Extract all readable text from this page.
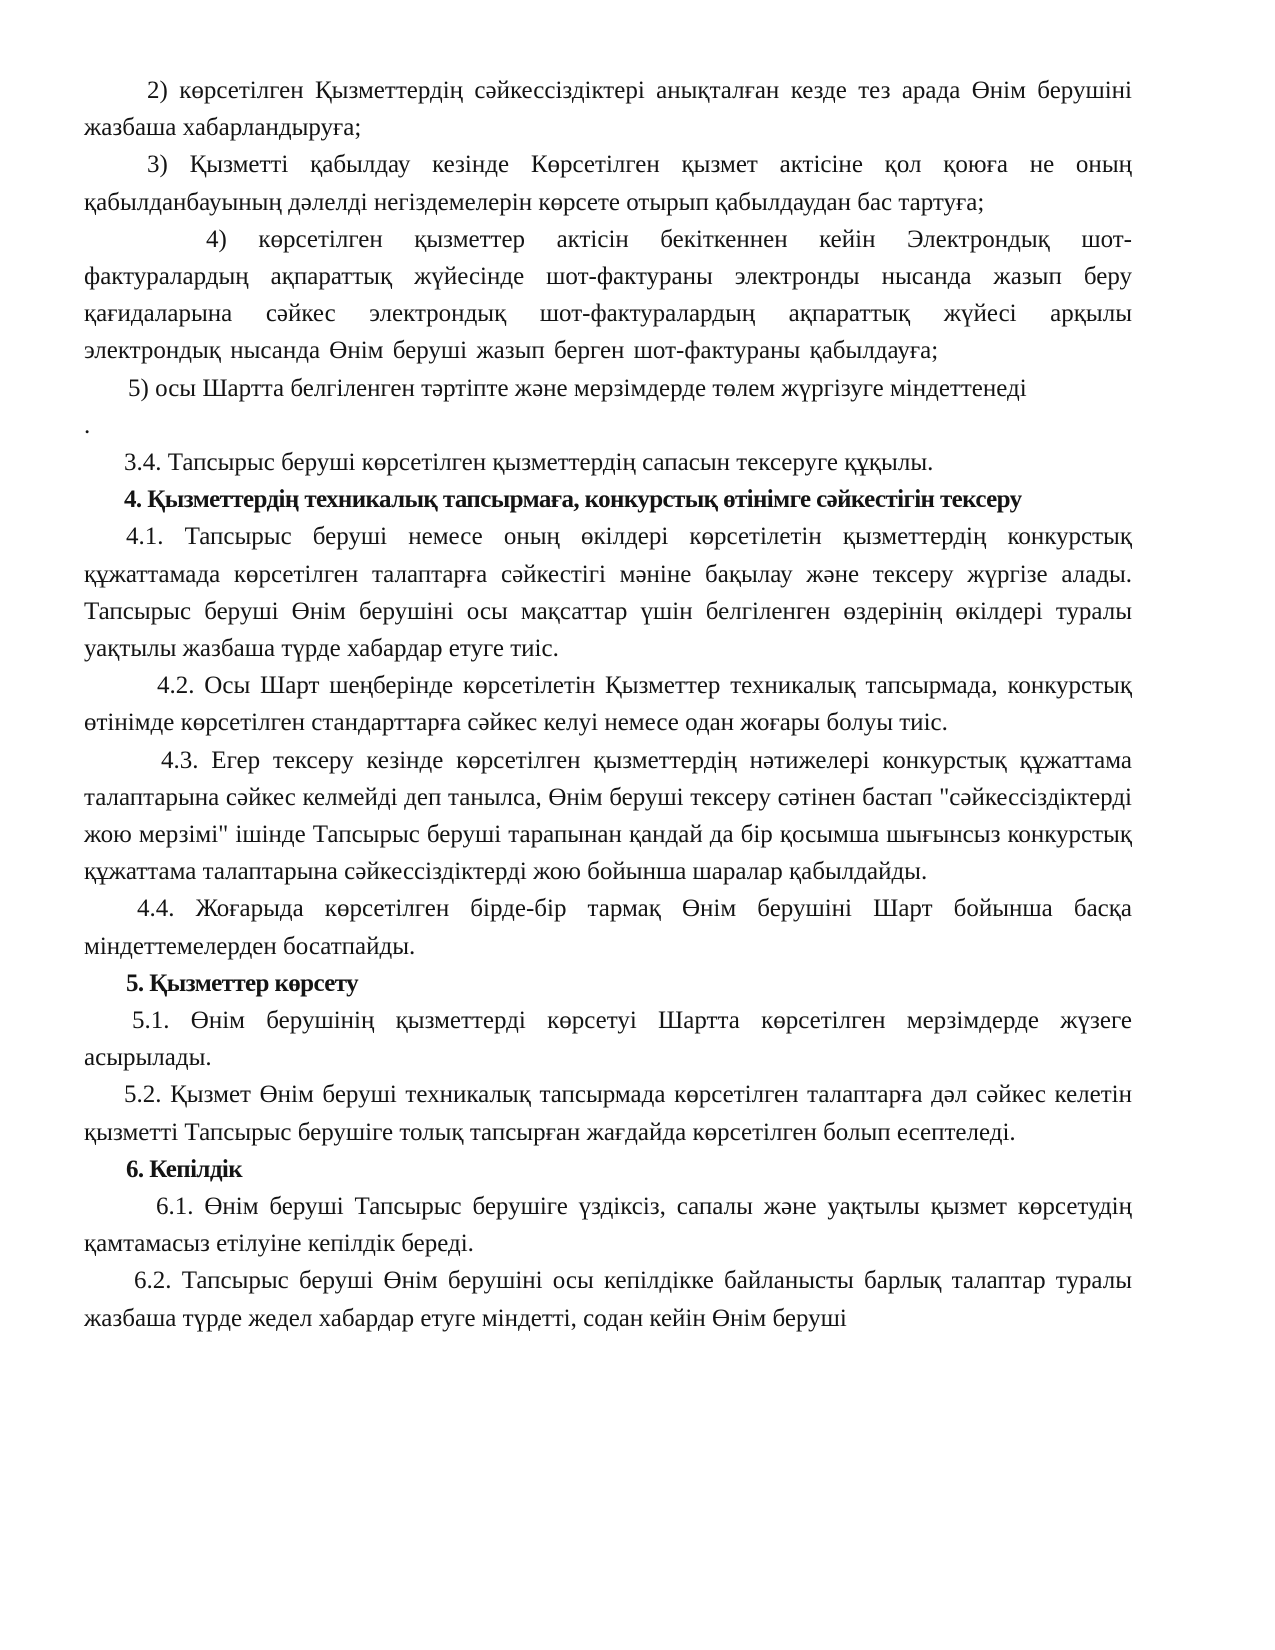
2) көрсетілген Қызметтердің сәйкессіздіктері анықталған кезде тез арада Өнім берушіні жазбаша хабарландыруға;

3) Қызметті қабылдау кезінде Көрсетілген қызмет актісіне қол қоюға не оның қабылданбауының дәлелді негіздемелерін көрсете отырып қабылдаудан бас тартуға;

4) көрсетілген қызметтер актісін бекіткеннен кейін Электрондық шот-фактуралардың ақпараттық жүйесінде шот-фактураны электронды нысанда жазып беру қағидаларына сәйкес электрондық шот-фактуралардың ақпараттық жүйесі арқылы электрондық нысанда Өнім беруші жазып берген шот-фактураны қабылдауға;

5) осы Шартта белгіленген тәртіпте және мерзімдерде төлем жүргізуге міндеттенеді

.

3.4. Тапсырыс беруші көрсетілген қызметтердің сапасын тексеруге құқылы.

4. Қызметтердің техникалық тапсырмаға, конкурстық өтінімге сәйкестігін тексеру

4.1. Тапсырыс беруші немесе оның өкілдері көрсетілетін қызметтердің конкурстық құжаттамада көрсетілген талаптарға сәйкестігі мәніне бақылау және тексеру жүргізе алады. Тапсырыс беруші Өнім берушіні осы мақсаттар үшін белгіленген өздерінің өкілдері туралы уақтылы жазбаша түрде хабардар етуге тиіс.

4.2. Осы Шарт шеңберінде көрсетілетін Қызметтер техникалық тапсырмада, конкурстық өтінімде көрсетілген стандарттарға сәйкес келуі немесе одан жоғары болуы тиіс.

4.3. Егер тексеру кезінде көрсетілген қызметтердің нәтижелері конкурстық құжаттама талаптарына сәйкес келмейді деп танылса, Өнім беруші тексеру сәтінен бастап "сәйкессіздіктерді жою мерзімі" ішінде Тапсырыс беруші тарапынан қандай да бір қосымша шығынсыз конкурстық құжаттама талаптарына сәйкессіздіктерді жою бойынша шаралар қабылдайды.

4.4. Жоғарыда көрсетілген бірде-бір тармақ Өнім берушіні Шарт бойынша басқа міндеттемелерден босатпайды.

5. Қызметтер көрсету

5.1. Өнім берушінің қызметтерді көрсетуі Шартта көрсетілген мерзімдерде жүзеге асырылады.

5.2. Қызмет Өнім беруші техникалық тапсырмада көрсетілген талаптарға дәл сәйкес келетін қызметті Тапсырыс берушіге толық тапсырған жағдайда көрсетілген болып есептеледі.

6. Кепілдік

6.1. Өнім беруші Тапсырыс берушіге үздіксіз, сапалы және уақтылы қызмет көрсетудің қамтамасыз етілуіне кепілдік береді.

6.2. Тапсырыс беруші Өнім берушіні осы кепілдікке байланысты барлық талаптар туралы жазбаша түрде жедел хабардар етуге міндетті, содан кейін Өнім беруші
